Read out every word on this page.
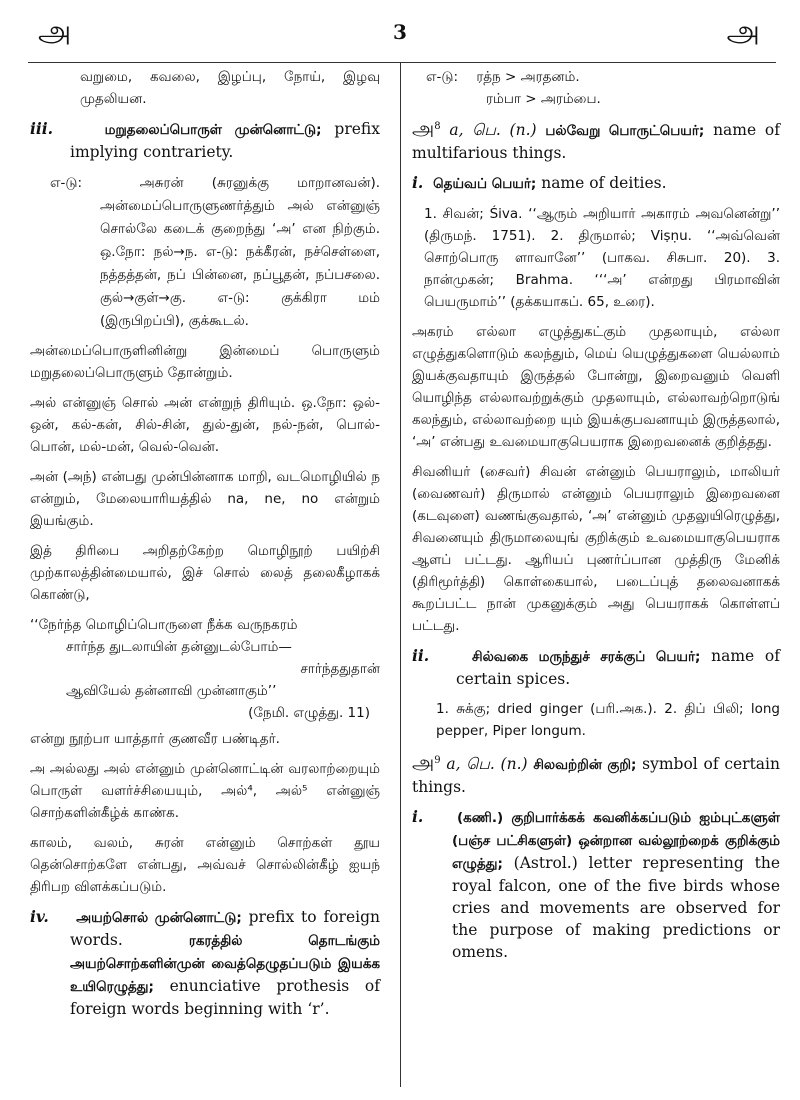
அ	3	அ

வறுமை, கவலை, இழப்பு, நோய், இழவு முதலியன.

iii.	மறுதலைப்பொருள் முன்னொட்டு; prefix implying contrariety.

எ-டு:	அசுரன் (சுரனுக்கு மாறானவன்). அன்மைப்பொருளுணர்த்தும் அல் என்னுஞ் சொல்லே கடைக் குறைந்து ‘அ’ என நிற்கும். ஒ.நோ: நல்→ந. எ-டு: நக்கீரன், நச்செள்ளை, நத்தத்தன், நப் பின்னை, நப்பூதன், நப்பசலை. குல்→குள்→கு. எ-டு: குக்கிரா மம் (இருபிறப்பி), குக்கூடல்.

அன்மைப்பொருளினின்று இன்மைப் பொருளும் மறுதலைப்பொருளும் தோன்றும்.

அல் என்னுஞ் சொல் அன் என்றுந் திரியும். ஒ.நோ: ஒல்-ஒன், கல்-கன், சில்-சின், துல்-துன், நல்-நன், பொல்-பொன், மல்-மன், வெல்-வென்.

அன் (அந்) என்பது முன்பின்னாக மாறி, வடமொழியில் ந என்றும், மேலையாரியத்தில் na, ne, no என்றும் இயங்கும்.

இத் திரிபை அறிதற்கேற்ற மொழிநூற் பயிற்சி முற்காலத்தின்மையால், இச் சொல் லைத் தலைகீழாகக் கொண்டு,

‘‘நேர்ந்த மொழிப்பொருளை நீக்க வருநகரம்
சார்ந்த துடலாயின் தன்னுடல்போம்—
சார்ந்ததுதான்
ஆவியேல் தன்னாவி முன்னாகும்’’
(நேமி. எழுத்து. 11)

என்று நூற்பா யாத்தார் குணவீர பண்டிதர்.

அ அல்லது அல் என்னும் முன்னொட்டின் வரலாற்றையும் பொருள் வளர்ச்சியையும், அல்⁴, அல்⁵ என்னுஞ் சொற்களின்கீழ்க் காண்க.

காலம், வலம், சுரன் என்னும் சொற்கள் தூய தென்சொற்களே என்பது, அவ்வச் சொல்லின்கீழ் ஐயந் திரிபற விளக்கப்படும்.

iv. அயற்சொல் முன்னொட்டு; prefix to foreign words. ரகரத்தில் தொடங்கும் அயற்சொற்களின்முன் வைத்தெழுதப்படும் இயக்க உயிரெழுத்து; enunciative prothesis of foreign words beginning with ‘r’.

எ-டு: ரத்ந > அரதனம்.
ரம்பா > அரம்பை.

அ$^8$ a, பெ. (n.) பல்வேறு பொருட்பெயர்; name of multifarious things.

i. தெய்வப் பெயர்; name of deities.

1. சிவன்; Śiva. ‘‘ஆரும் அறியார் அகாரம் அவனென்று’’ (திருமந். 1751). 2. திருமால்; Viṣṇu. ‘‘அவ்வென் சொற்பொரு ளாவானே’’ (பாகவ. சிசுபா. 20). 3. நான்முகன்; Brahma. ‘‘‘அ’ என்றது பிரமாவின் பெயருமாம்’’ (தக்கயாகப். 65, உரை).

அகரம் எல்லா எழுத்துகட்கும் முதலாயும், எல்லா எழுத்துகளொடும் கலந்தும், மெய் யெழுத்துகளை யெல்லாம் இயக்குவதாயும் இருத்தல் போன்று, இறைவனும் வெளி யொழிந்த எல்லாவற்றுக்கும் முதலாயும், எல்லாவற்றொடுங் கலந்தும், எல்லாவற்றை யும் இயக்குபவனாயும் இருத்தலால், ‘அ’ என்பது உவமையாகுபெயராக இறைவனைக் குறித்தது.

சிவனியர் (சைவர்) சிவன் என்னும் பெயராலும், மாலியர் (வைணவர்) திருமால் என்னும் பெயராலும் இறைவனை (கடவுளை) வணங்குவதால், ‘அ’ என்னும் முதலுயிரெழுத்து, சிவனையும் திருமாலையுங் குறிக்கும் உவமையாகுபெயராக ஆளப் பட்டது. ஆரியப் புணர்ப்பான முத்திரு மேனிக் (திரிமூர்த்தி) கொள்கையால், படைப்புத் தலைவனாகக் கூறப்பட்ட நான் முகனுக்கும் அது பெயராகக் கொள்ளப் பட்டது.

ii.	சில்வகை மருந்துச் சரக்குப் பெயர்; name of certain spices.

1. சுக்கு; dried ginger (பரி.அக.). 2. திப் பிலி; long pepper, Piper longum.

அ$^9$ a, பெ. (n.) சிலவற்றின் குறி; symbol of certain things.

i. (கணி.) குறிபார்க்கக் கவனிக்கப்படும் ஐம்புட்களுள் (பஞ்ச பட்சிகளுள்) ஒன்றான வல்லூற்றைக் குறிக்கும் எழுத்து; (Astrol.) letter representing the royal falcon, one of the five birds whose cries and movements are observed for the purpose of making predictions or omens.
